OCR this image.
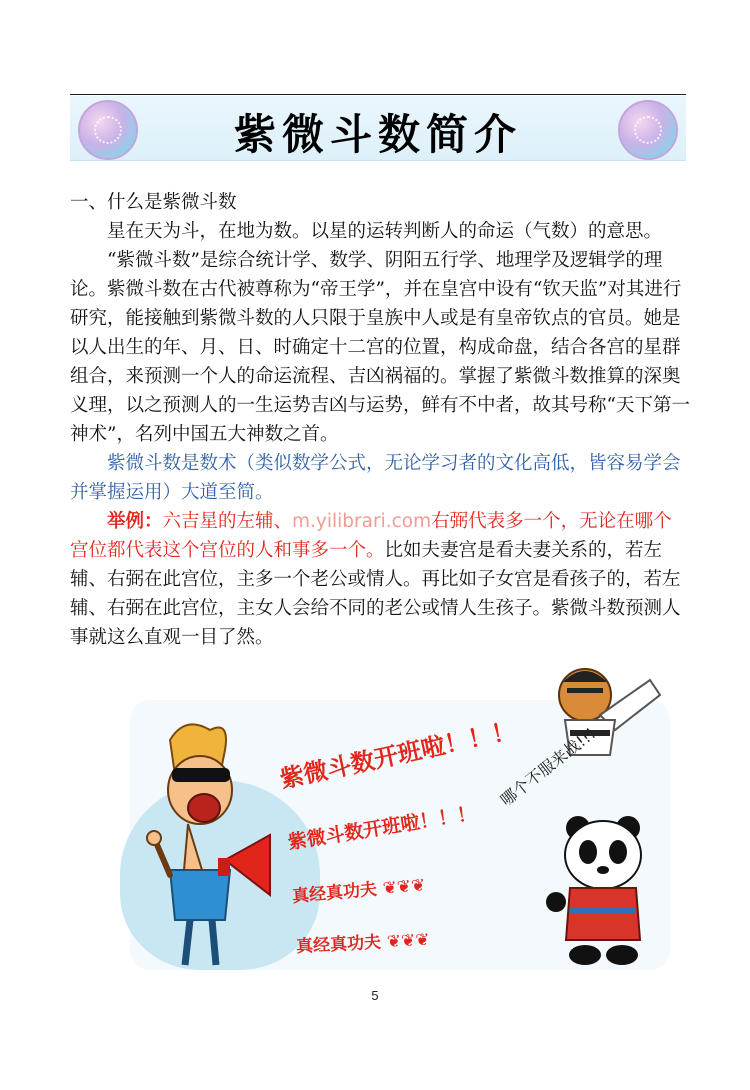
紫微斗数简介
一、什么是紫微斗数

星在天为斗，在地为数。以星的运转判断人的命运（气数）的意思。

“紫微斗数”是综合统计学、数学、阴阳五行学、地理学及逻辑学的理论。紫微斗数在古代被尊称为“帝王学”，并在皇宫中设有“钦天监”对其进行研究，能接触到紫微斗数的人只限于皇族中人或是有皇帝钦点的官员。她是以人出生的年、月、日、时确定十二宫的位置，构成命盘，结合各宫的星群组合，来预测一个人的命运流程、吉凶祸福的。掌握了紫微斗数推算的深奥义理，以之预测人的一生运势吉凶与运势，鲜有不中者，故其号称“天下第一神术”，名列中国五大神数之首。

紫微斗数是数术（类似数学公式，无论学习者的文化高低，皆容易学会并掌握运用）大道至简。

举例：六吉星的左辅、m.yilibrari.com右弼代表多一个，无论在哪个宫位都代表这个宫位的人和事多一个。比如夫妻宫是看夫妻关系的，若左辅、右弼在此宫位，主多一个老公或情人。再比如子女宫是看孩子的，若左辅、右弼在此宫位，主女人会给不同的老公或情人生孩子。紫微斗数预测人事就这么直观一目了然。

紫微斗数开班啦！！！
紫微斗数开班啦！！！
真经真功夫 ❦❦❦
真经真功夫 ❦❦❦
哪个不服来战!!!
5
